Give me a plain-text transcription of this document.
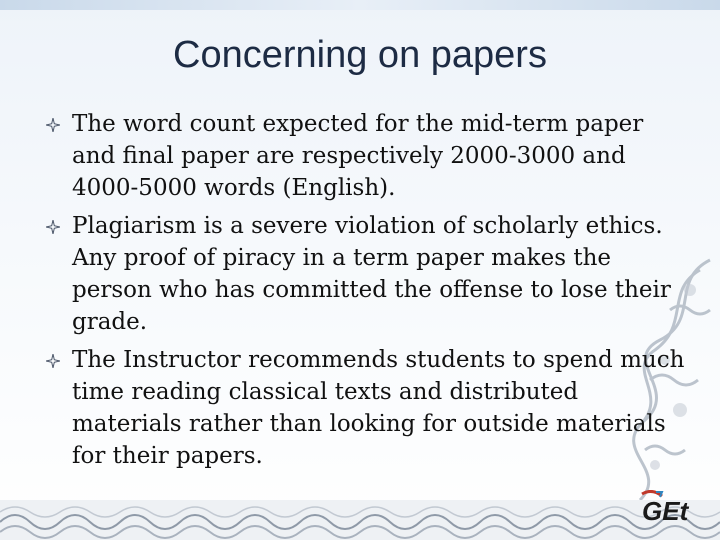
Concerning on papers
The word count expected for the mid-term paper and final paper are respectively 2000-3000 and 4000-5000 words (English).
Plagiarism is a severe violation of scholarly ethics. Any proof of piracy in a term paper makes the person who has committed the offense to lose their grade.
The Instructor recommends students to spend much time reading classical texts and distributed materials rather than looking for outside materials for their papers.
GEt
